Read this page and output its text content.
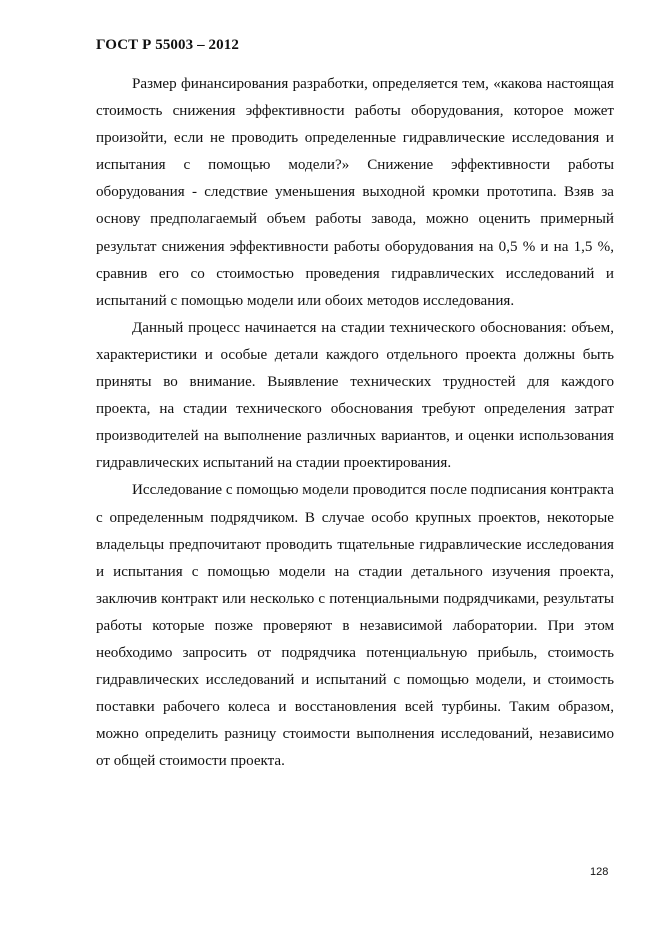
ГОСТ Р 55003 – 2012

Размер финансирования разработки, определяется тем, «какова настоящая стоимость снижения эффективности работы оборудования, которое может произойти, если не проводить определенные гидравлические исследования и испытания с помощью модели?» Снижение эффективности работы оборудования - следствие уменьшения выходной кромки прототипа. Взяв за основу предполагаемый объем работы завода, можно оценить примерный результат снижения эффективности работы оборудования на 0,5 % и на 1,5 %, сравнив его со стоимостью проведения гидравлических исследований и испытаний с помощью модели или обоих методов исследования.

Данный процесс начинается на стадии технического обоснования: объем, характеристики и особые детали каждого отдельного проекта должны быть приняты во внимание. Выявление технических трудностей для каждого проекта, на стадии технического обоснования требуют определения затрат производителей на выполнение различных вариантов, и оценки использования гидравлических испытаний на стадии проектирования.

Исследование с помощью модели проводится после подписания контракта с определенным подрядчиком. В случае особо крупных проектов, некоторые владельцы предпочитают проводить тщательные гидравлические исследования и испытания с помощью модели на стадии детального изучения проекта, заключив контракт или несколько с потенциальными подрядчиками, результаты работы которые позже проверяют в независимой лаборатории. При этом необходимо запросить от подрядчика потенциальную прибыль, стоимость гидравлических исследований и испытаний с помощью модели, и стоимость поставки рабочего колеса и восстановления всей турбины. Таким образом, можно определить разницу стоимости выполнения исследований, независимо от общей стоимости проекта.

128
